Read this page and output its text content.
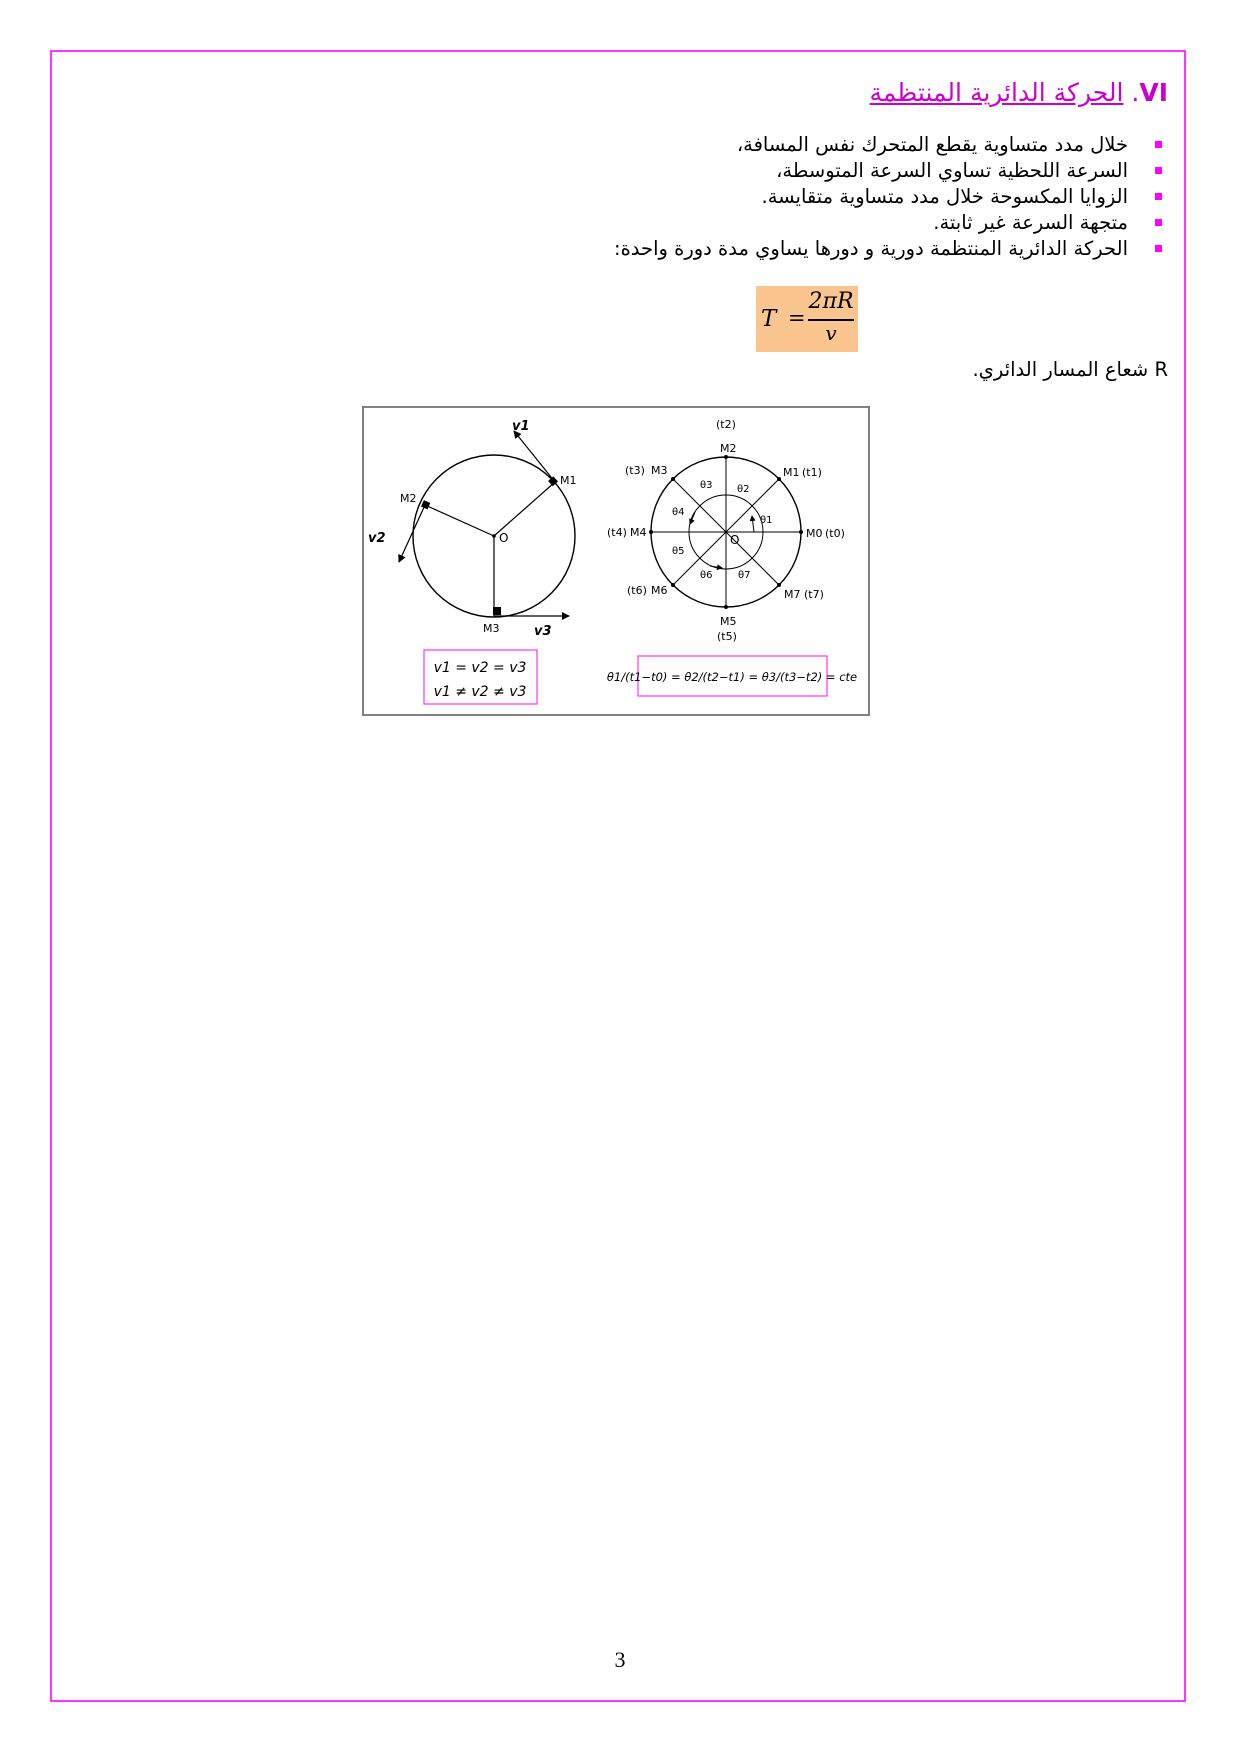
VI. الحركة الدائرية المنتظمة
خلال مدد متساوية يقطع المتحرك نفس المسافة،
السرعة اللحظية تساوي السرعة المتوسطة،
الزوايا المكسوحة خلال مدد متساوية متقايسة.
متجهة السرعة غير ثابتة.
الحركة الدائرية المنتظمة دورية و دورها يساوي مدة دورة واحدة:
T =
2πR
v
R شعاع المسار الدائري.
O
M1
M2
M3
v1
v2
v3
v1 = v2 = v3
v1 ≠ v2 ≠ v3
O	M0
M1
M2
M3
M4
M5
M6	M7
(t0)
(t1)
(t2)
(t3)
(t4)
(t5)
(t6)	(t7)
θ1
θ2
θ3
θ4
θ5
θ6	θ7
θ1/(t1−t0) = θ2/(t2−t1) = θ3/(t3−t2) = cte
3
